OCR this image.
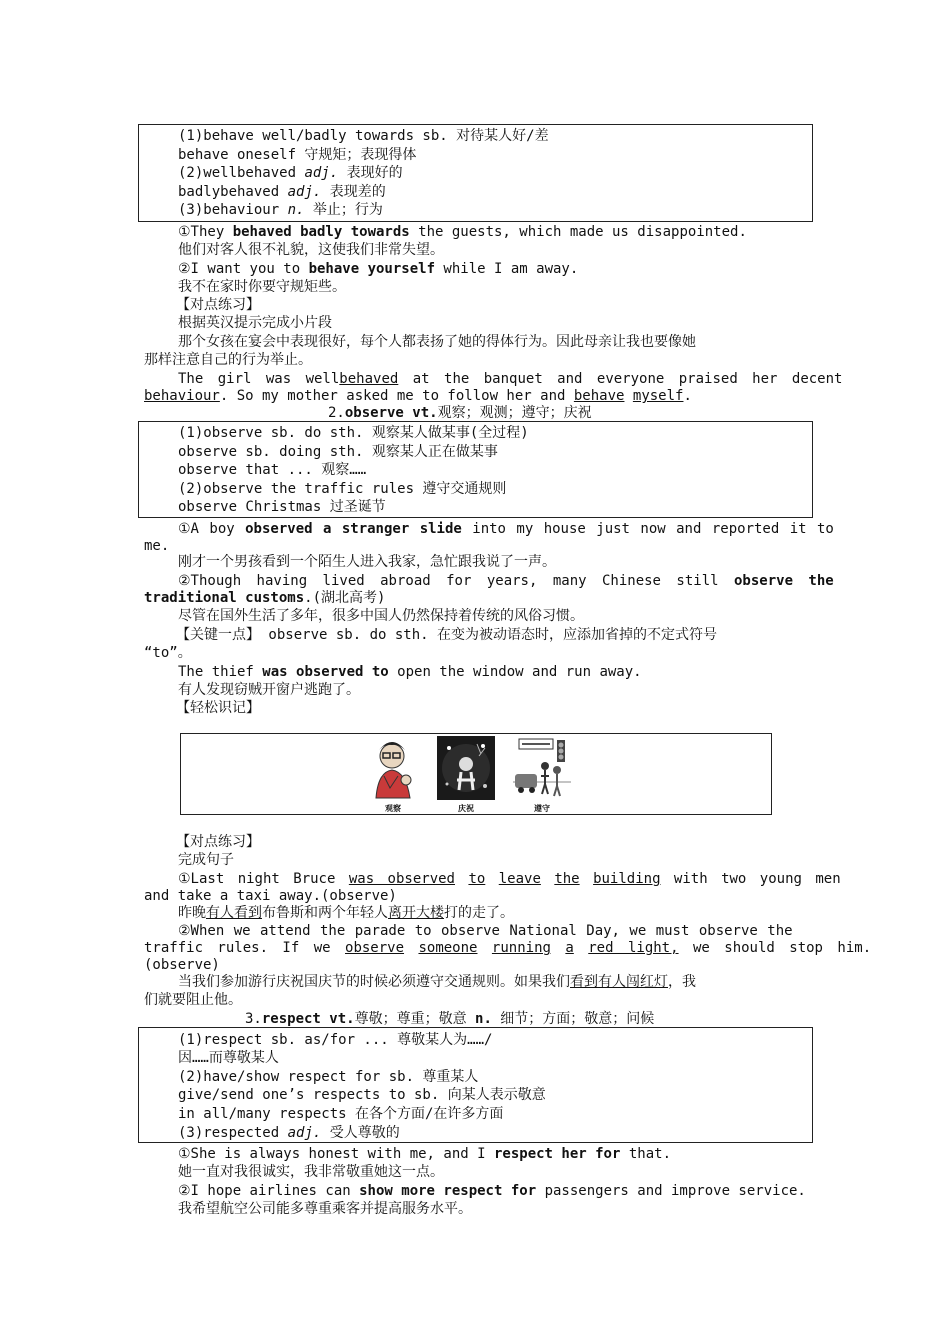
(1)behave well/badly towards sb. 对待某人好/差
behave oneself 守规矩；表现得体
(2)wellbehaved adj. 表现好的
badlybehaved adj. 表现差的
(3)behaviour n. 举止；行为
①They behaved badly towards the guests, which made us disappointed.
他们对客人很不礼貌，这使我们非常失望。
②I want you to behave yourself while I am away.
我不在家时你要守规矩些。
【对点练习】
根据英汉提示完成小片段
那个女孩在宴会中表现很好，每个人都表扬了她的得体行为。因此母亲让我也要像她
那样注意自己的行为举止。
The girl was wellbehaved at the banquet and everyone praised her decent
behaviour. So my mother asked me to follow her and behave myself.
2.observe vt.观察；观测；遵守；庆祝
(1)observe sb. do sth. 观察某人做某事(全过程)
observe sb. doing sth. 观察某人正在做某事
observe that ... 观察……
(2)observe the traffic rules 遵守交通规则
observe Christmas 过圣诞节
①A boy observed a stranger slide into my house just now and reported it to
me.
刚才一个男孩看到一个陌生人进入我家，急忙跟我说了一声。
②Though having lived abroad for years, many Chinese still observe the
traditional customs.(湖北高考)
尽管在国外生活了多年，很多中国人仍然保持着传统的风俗习惯。
【关键一点】 observe sb. do sth. 在变为被动语态时，应添加省掉的不定式符号
“to”。
The thief was observed to open the window and run away.
有人发现窃贼开窗户逃跑了。
【轻松识记】
观察	庆祝	遵守
【对点练习】
完成句子
①Last night Bruce was observed to leave the building with two young men
and take a taxi away.(observe)
昨晚有人看到布鲁斯和两个年轻人离开大楼打的走了。
②When we attend the parade to observe National Day, we must observe the
traffic rules. If we observe someone running a red light, we should stop him.
(observe)
当我们参加游行庆祝国庆节的时候必须遵守交通规则。如果我们看到有人闯红灯，我
们就要阻止他。
3.respect vt.尊敬；尊重；敬意 n. 细节；方面；敬意；问候
(1)respect sb. as/for ... 尊敬某人为……/
因……而尊敬某人
(2)have/show respect for sb. 尊重某人
give/send one’s respects to sb. 向某人表示敬意
in all/many respects 在各个方面/在许多方面
(3)respected adj. 受人尊敬的
①She is always honest with me, and I respect her for that.
她一直对我很诚实，我非常敬重她这一点。
②I hope airlines can show more respect for passengers and improve service.
我希望航空公司能多尊重乘客并提高服务水平。
